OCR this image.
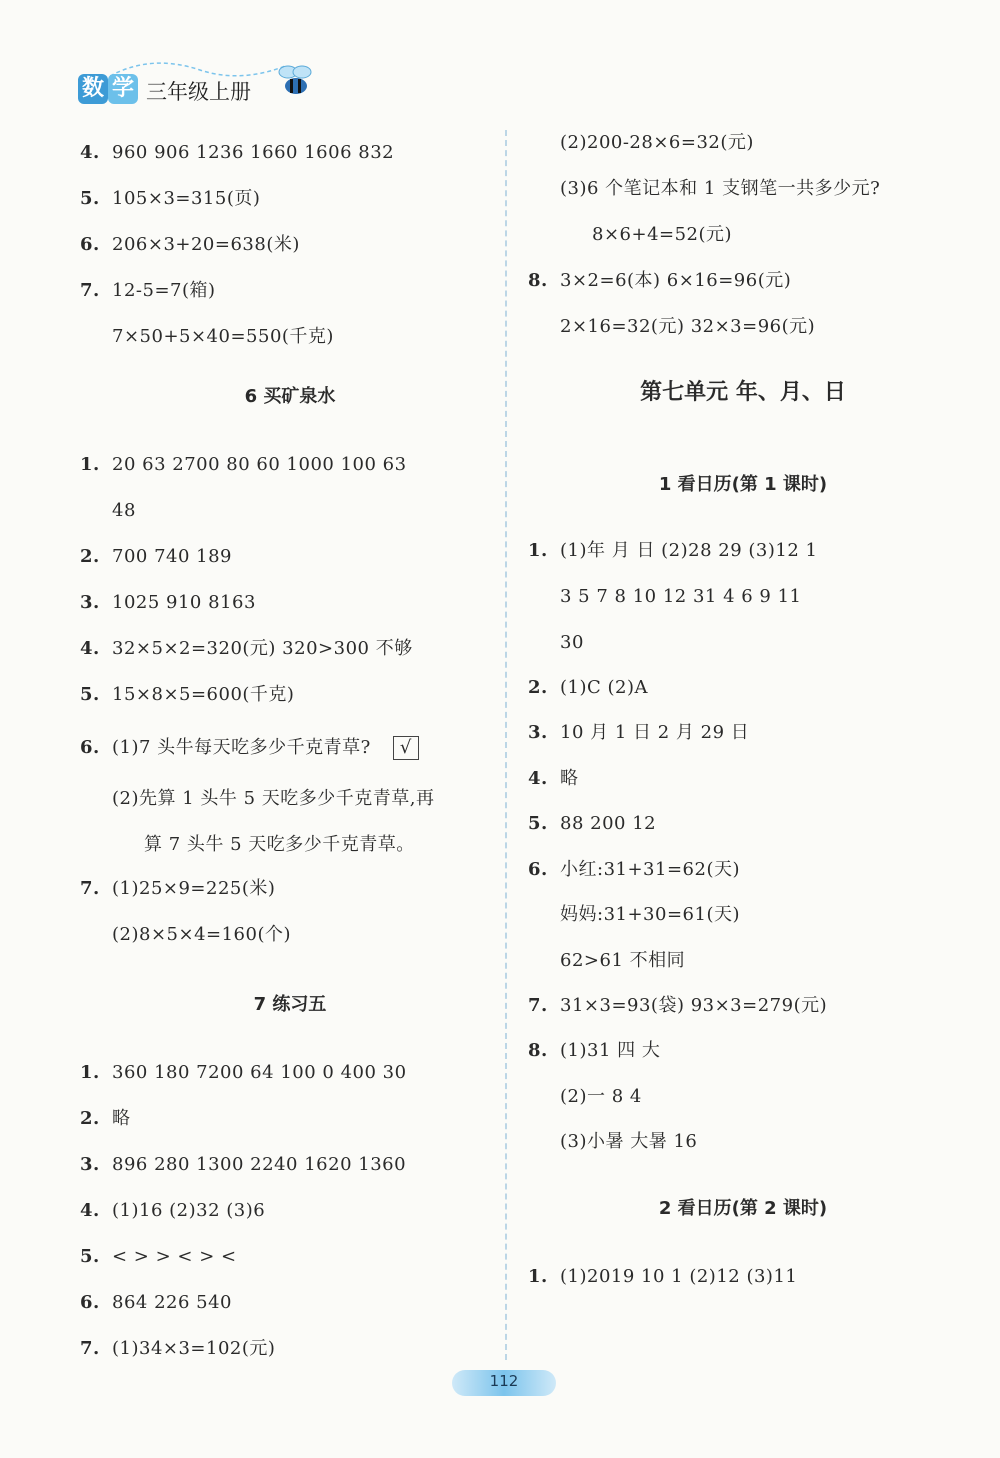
数 学 三年级上册
4. 960 906 1236 1660 1606 832
5. 105×3=315(页)
6. 206×3+20=638(米)
7. 12-5=7(箱)
7×50+5×40=550(千克)
6 买矿泉水
1. 20 63 2700 80 60 1000 100 63
48
2. 700 740 189
3. 1025 910 8163
4. 32×5×2=320(元) 320>300 不够
5. 15×8×5=600(千克)
6. (1)7 头牛每天吃多少千克青草? √
(2)先算 1 头牛 5 天吃多少千克青草,再
算 7 头牛 5 天吃多少千克青草。
7. (1)25×9=225(米)
(2)8×5×4=160(个)
7 练习五
1. 360 180 7200 64 100 0 400 30
2. 略
3. 896 280 1300 2240 1620 1360
4. (1)16 (2)32 (3)6
5. < > > < > <
6. 864 226 540
7. (1)34×3=102(元)
(2)200-28×6=32(元)
(3)6 个笔记本和 1 支钢笔一共多少元?
8×6+4=52(元)
8. 3×2=6(本) 6×16=96(元)
2×16=32(元) 32×3=96(元)
第七单元 年、月、日
1 看日历(第 1 课时)
1. (1)年 月 日 (2)28 29 (3)12 1
3 5 7 8 10 12 31 4 6 9 11
30
2. (1)C (2)A
3. 10 月 1 日 2 月 29 日
4. 略
5. 88 200 12
6. 小红:31+31=62(天)
妈妈:31+30=61(天)
62>61 不相同
7. 31×3=93(袋) 93×3=279(元)
8. (1)31 四 大
(2)一 8 4
(3)小暑 大暑 16
2 看日历(第 2 课时)
1. (1)2019 10 1 (2)12 (3)11
112
